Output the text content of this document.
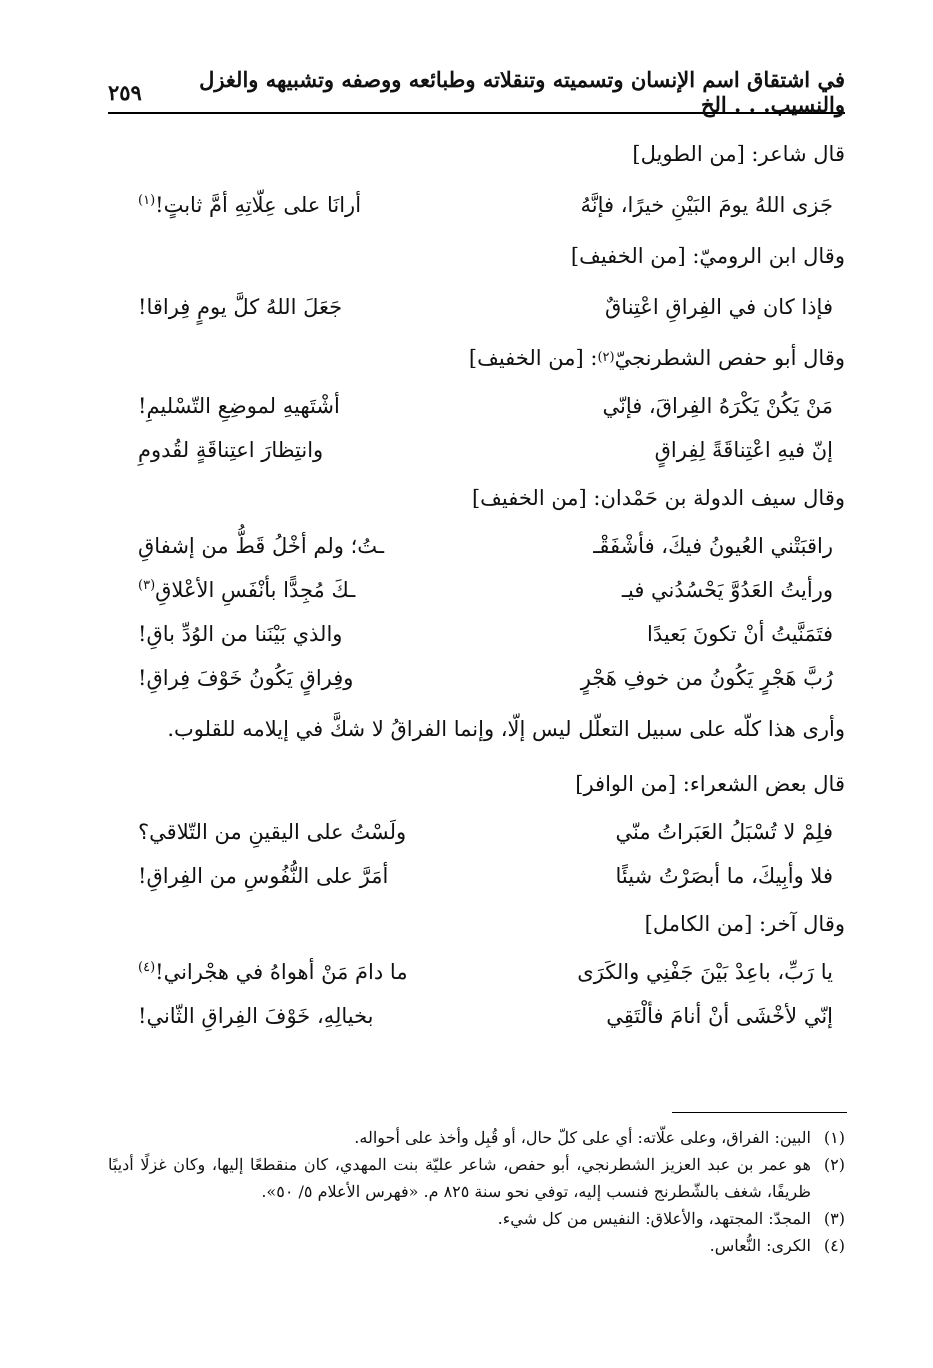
في اشتقاق اسم الإنسان وتسميته وتنقلاته وطبائعه ووصفه وتشبيهه والغزل والنسيب. . . الخ
٢٥٩
قال شاعر: [من الطويل]
جَزى اللهُ يومَ البَيْنِ خيرًا، فإنَّهُ
أرانَا على عِلّاتِهِ أمَّ ثابتٍ!$^{(١)}$
وقال ابن الروميّ: [من الخفيف]
فإذا كان في الفِراقِ اعْتِناقٌ
جَعَلَ اللهُ كلَّ يومٍ فِراقا!
وقال أبو حفص الشطرنجيّ
(٢)
: [من الخفيف]
مَنْ يَكُنْ يَكْرَهُ الفِراقَ، فإنّي
أشْتَهيهِ لموضِعِ التّسْليمِ!
إنّ فيهِ اعْتِناقَةً لِفِراقٍ
وانتِظارَ اعتِناقَةٍ لقُدومِ
وقال سيف الدولة بن حَمْدان: [من الخفيف]
راقبَتْني العُيونُ فيكَ، فأشْفَقْـ
ـتُ؛ ولم أخْلُ قَطُّ من إشفاقِ
ورأيتُ العَدُوَّ يَحْسُدُني فيـ
ـكَ مُجِدًّا بأنْفَسِ الأعْلاقِ$^{(٣)}$
فتَمَنَّيتُ أنْ تكونَ بَعيدًا
والذي بَيْنَنا من الوُدِّ باقِ!
رُبَّ هَجْرٍ يَكُونُ من خوفِ هَجْرٍ
وفِراقٍ يَكُونُ خَوْفَ فِراقِ!
وأرى هذا كلّه على سبيل التعلّل ليس إلّا، وإنما الفراقُ لا شكَّ في إيلامه للقلوب.
قال بعض الشعراء: [من الوافر]
فلِمْ لا تُسْبَلُ العَبَراتُ منّي
ولَسْتُ على اليقينِ من التّلاقي؟
فلا وأبِيكَ، ما أبصَرْتُ شيئًا
أمَرَّ على النُّفُوسِ من الفِراقِ!
وقال آخر: [من الكامل]
يا رَبِّ، باعِدْ بَيْنَ جَفْنِي والكَرَى
ما دامَ مَنْ أهواهُ في هجْراني!$^{(٤)}$
إنّي لأخْشَى أنْ أنامَ فألْتَقِي
بخيالِهِ، خَوْفَ الفِراقِ الثّاني!
(١)
البين: الفراق، وعلى علّاته: أي على كلّ حال، أو قُبِل وأخذ على أحواله.
(٢)
هو عمر بن عبد العزيز الشطرنجي، أبو حفص، شاعر عليّة بنت المهدي، كان منقطعًا إليها، وكان غزلًا أديبًا ظريفًا، شغف بالشّطرنج فنسب إليه، توفي نحو سنة ٨٢٥ م. «فهرس الأعلام ٥/ ٥٠».
(٣)
المجدّ: المجتهد، والأعلاق: النفيس من كل شيء.
(٤)
الكرى: النُّعاس.
